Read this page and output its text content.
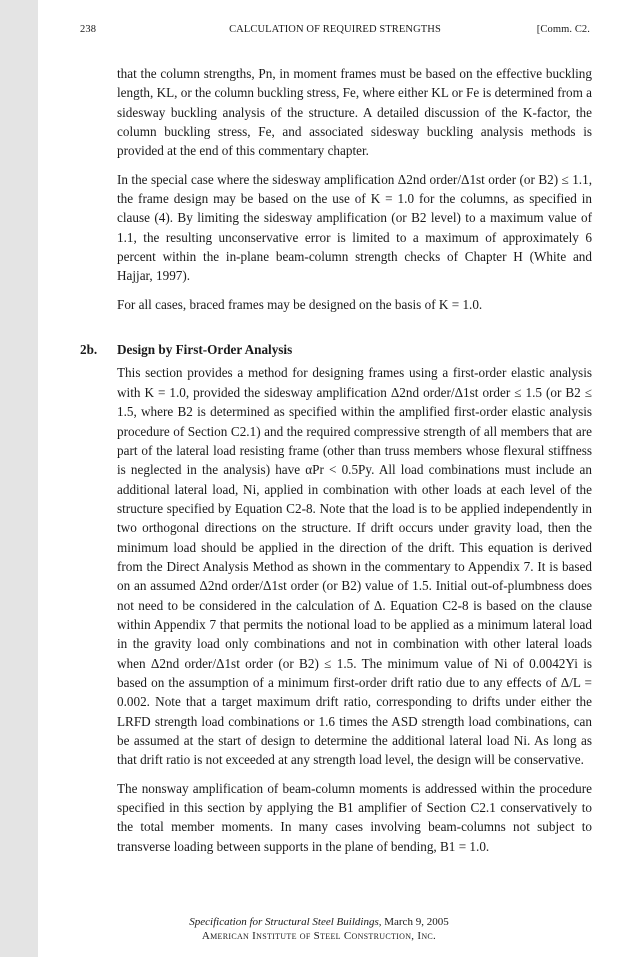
238	CALCULATION OF REQUIRED STRENGTHS	[Comm. C2.

that the column strengths, Pn, in moment frames must be based on the effective buckling length, KL, or the column buckling stress, Fe, where either KL or Fe is determined from a sidesway buckling analysis of the structure. A detailed discussion of the K-factor, the column buckling stress, Fe, and associated sidesway buckling analysis methods is provided at the end of this commentary chapter.

In the special case where the sidesway amplification Δ2nd order/Δ1st order (or B2) ≤ 1.1, the frame design may be based on the use of K = 1.0 for the columns, as specified in clause (4). By limiting the sidesway amplification (or B2 level) to a maximum value of 1.1, the resulting unconservative error is limited to a maximum of approximately 6 percent within the in-plane beam-column strength checks of Chapter H (White and Hajjar, 1997).

For all cases, braced frames may be designed on the basis of K = 1.0.

2b. Design by First-Order Analysis

This section provides a method for designing frames using a first-order elastic analysis with K = 1.0, provided the sidesway amplification Δ2nd order/Δ1st order ≤ 1.5 (or B2 ≤ 1.5, where B2 is determined as specified within the amplified first-order elastic analysis procedure of Section C2.1) and the required compressive strength of all members that are part of the lateral load resisting frame (other than truss members whose flexural stiffness is neglected in the analysis) have αPr < 0.5Py. All load combinations must include an additional lateral load, Ni, applied in combination with other loads at each level of the structure specified by Equation C2-8. Note that the load is to be applied independently in two orthogonal directions on the structure. If drift occurs under gravity load, then the minimum load should be applied in the direction of the drift. This equation is derived from the Direct Analysis Method as shown in the commentary to Appendix 7. It is based on an assumed Δ2nd order/Δ1st order (or B2) value of 1.5. Initial out-of-plumbness does not need to be considered in the calculation of Δ. Equation C2-8 is based on the clause within Appendix 7 that permits the notional load to be applied as a minimum lateral load in the gravity load only combinations and not in combination with other lateral loads when Δ2nd order/Δ1st order (or B2) ≤ 1.5. The minimum value of Ni of 0.0042Yi is based on the assumption of a minimum first-order drift ratio due to any effects of Δ/L = 0.002. Note that a target maximum drift ratio, corresponding to drifts under either the LRFD strength load combinations or 1.6 times the ASD strength load combinations, can be assumed at the start of design to determine the additional lateral load Ni. As long as that drift ratio is not exceeded at any strength load level, the design will be conservative.

The nonsway amplification of beam-column moments is addressed within the procedure specified in this section by applying the B1 amplifier of Section C2.1 conservatively to the total member moments. In many cases involving beam-columns not subject to transverse loading between supports in the plane of bending, B1 = 1.0.

Specification for Structural Steel Buildings, March 9, 2005
American Institute of Steel Construction, Inc.
